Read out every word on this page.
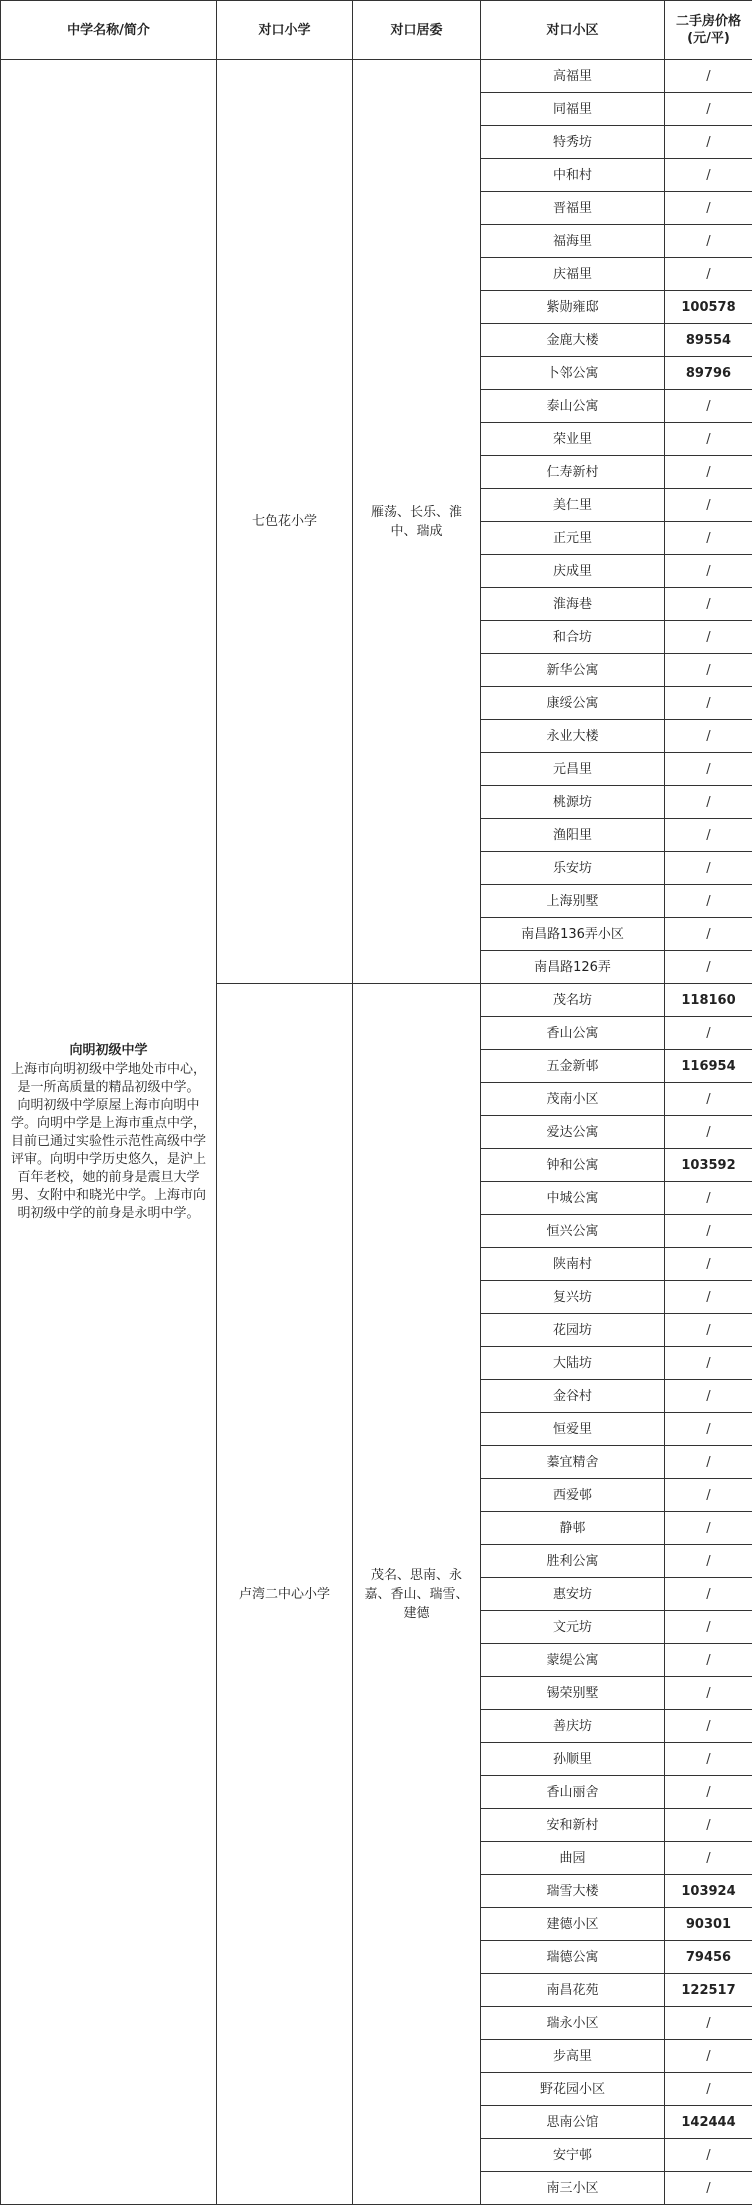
中学名称/简介	对口小学	对口居委	对口小区	二手房价格(元/平)

向明初级中学
上海市向明初级中学地处市中心，是一所高质量的精品初级中学。 向明初级中学原屋上海市向明中学。向明中学是上海市重点中学，目前已通过实验性示范性高级中学评审。向明中学历史悠久，是沪上百年老校，她的前身是震旦大学男、女附中和晓光中学。上海市向明初级中学的前身是永明中学。	七色花小学	雁荡、长乐、淮中、瑞成	高福里	/
			同福里	/
			特秀坊	/
			中和村	/
			晋福里	/
			福海里	/
			庆福里	/
			紫勋雍邸	100578
			金鹿大楼	89554
			卜邻公寓	89796
			泰山公寓	/
			荣业里	/
			仁寿新村	/
			美仁里	/
			正元里	/
			庆成里	/
			淮海巷	/
			和合坊	/
			新华公寓	/
			康绥公寓	/
			永业大楼	/
			元昌里	/
			桃源坊	/
			渔阳里	/
			乐安坊	/
			上海别墅	/
			南昌路136弄小区	/
			南昌路126弄	/
	卢湾二中心小学	茂名、思南、永嘉、香山、瑞雪、建德	茂名坊	118160
			香山公寓	/
			五金新邨	116954
			茂南小区	/
			爱达公寓	/
			钟和公寓	103592
			中城公寓	/
			恒兴公寓	/
			陕南村	/
			复兴坊	/
			花园坊	/
			大陆坊	/
			金谷村	/
			恒爱里	/
			蓁宜精舍	/
			西爱邨	/
			静邨	/
			胜利公寓	/
			惠安坊	/
			文元坊	/
			蒙缇公寓	/
			锡荣别墅	/
			善庆坊	/
			孙顺里	/
			香山丽舍	/
			安和新村	/
			曲园	/
			瑞雪大楼	103924
			建德小区	90301
			瑞德公寓	79456
			南昌花苑	122517
			瑞永小区	/
			步高里	/
			野花园小区	/
			思南公馆	142444
			安宁邨	/
			南三小区	/
